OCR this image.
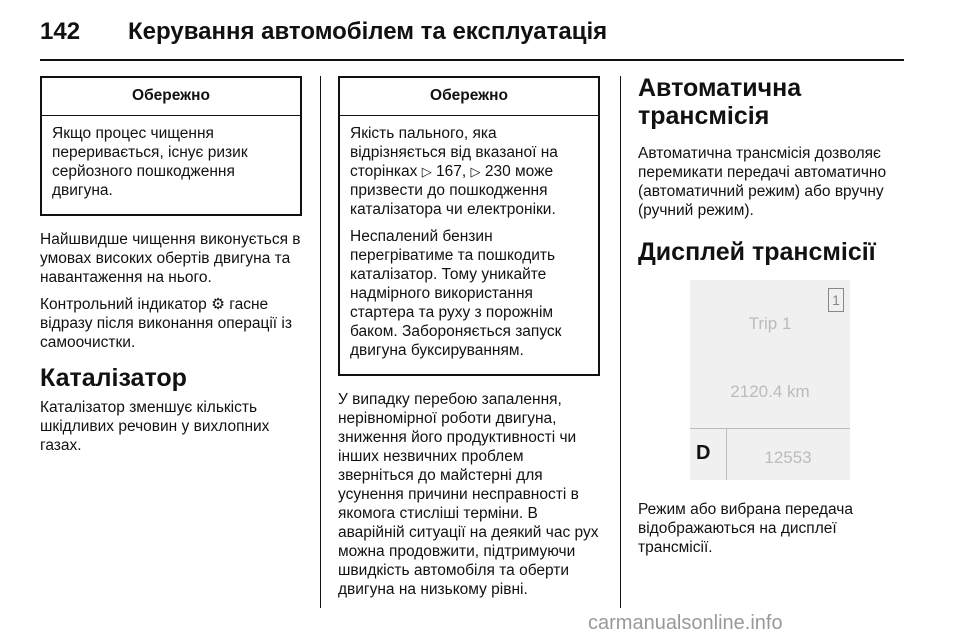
142 Керування автомобілем та експлуатація
Обережно

Якщо процес чищення переривається, існує ризик серйозного пошкодження двигуна.

Найшвидше чищення виконується в умовах високих обертів двигуна та навантаження на нього.

Контрольний індикатор ⚙ гасне відразу після виконання операції із самоочистки.

Каталізатор

Каталізатор зменшує кількість шкідливих речовин у вихлопних газах.

Обережно

Якість пального, яка відрізняється від вказаної на сторінках ▷ 167, ▷ 230 може призвести до пошкодження каталізатора чи електроніки.

Неспалений бензин перегріватиме та пошкодить каталізатор. Тому уникайте надмірного використання стартера та руху з порожнім баком. Забороняється запуск двигуна буксируванням.

У випадку перебою запалення, нерівномірної роботи двигуна, зниження його продуктивності чи інших незвичних проблем зверніться до майстерні для усунення причини несправності в якомога стисліші терміни. В аварійній ситуації на деякий час рух можна продовжити, підтримуючи швидкість автомобіля та оберти двигуна на низькому рівні.

Автоматична трансмісія

Автоматична трансмісія дозволяє перемикати передачі автоматично (автоматичний режим) або вручну (ручний режим).

Дисплей трансмісії
1
Trip 1
2120.4 km
D	12553

Режим або вибрана передача відображаються на дисплеї трансмісії.

carmanualsonline.info
